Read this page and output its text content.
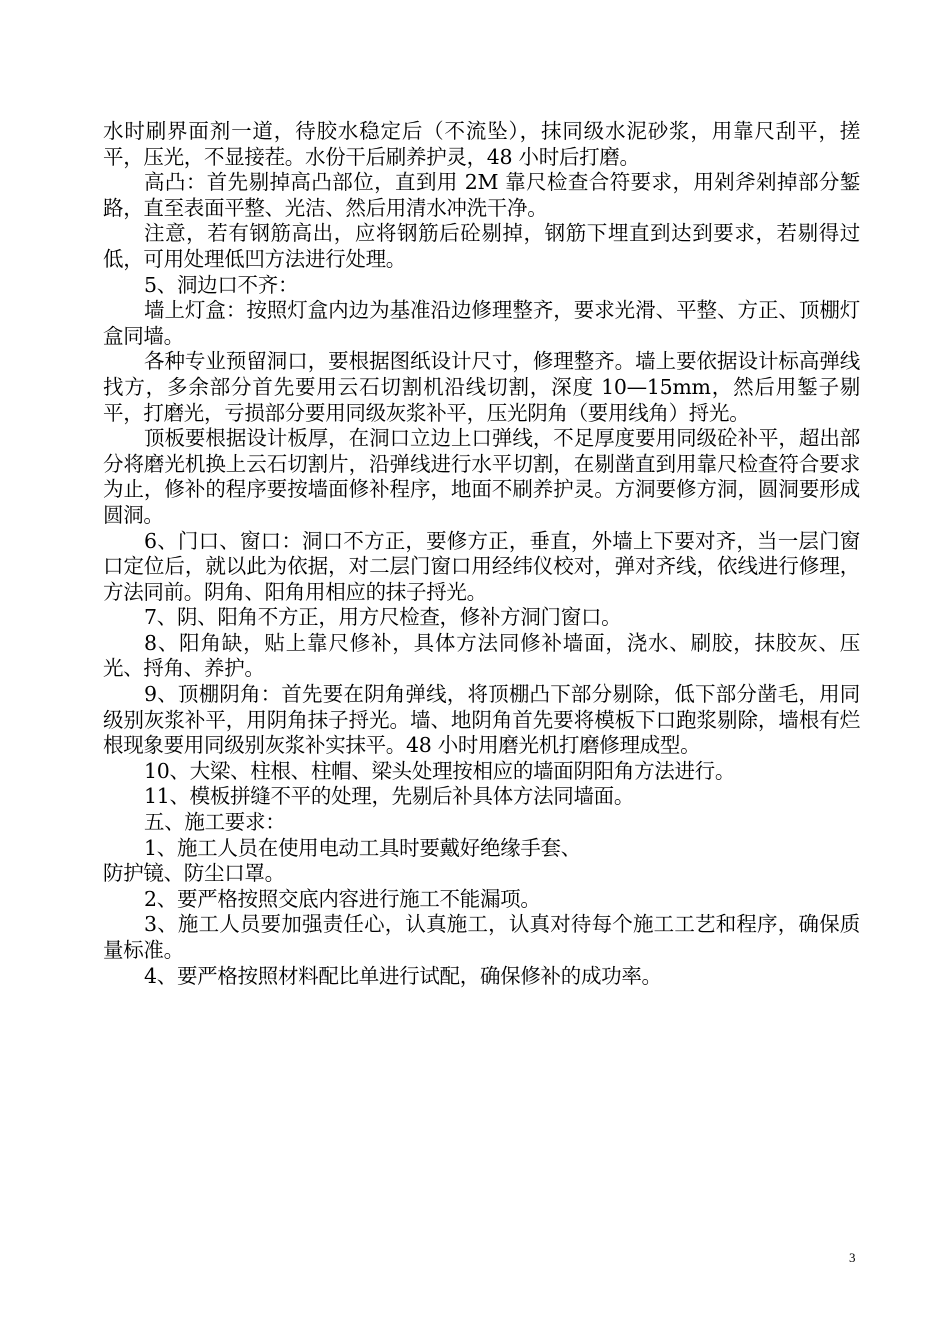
水时刷界面剂一道，待胶水稳定后（不流坠），抹同级水泥砂浆，用靠尺刮平，搓平，压光，不显接茬。水份干后刷养护灵，48 小时后打磨。

高凸：首先剔掉高凸部位，直到用 2M 靠尺检查合符要求，用剁斧剁掉部分錾路，直至表面平整、光洁、然后用清水冲洗干净。

注意，若有钢筋高出，应将钢筋后砼剔掉，钢筋下埋直到达到要求，若剔得过低，可用处理低凹方法进行处理。

5、洞边口不齐：

墙上灯盒：按照灯盒内边为基准沿边修理整齐，要求光滑、平整、方正、顶棚灯盒同墙。

各种专业预留洞口，要根据图纸设计尺寸，修理整齐。墙上要依据设计标高弹线找方，多余部分首先要用云石切割机沿线切割，深度 10—15mm，然后用錾子剔平，打磨光，亏损部分要用同级灰浆补平，压光阴角（要用线角）捋光。

顶板要根据设计板厚，在洞口立边上口弹线，不足厚度要用同级砼补平，超出部分将磨光机换上云石切割片，沿弹线进行水平切割，在剔凿直到用靠尺检查符合要求为止，修补的程序要按墙面修补程序，地面不刷养护灵。方洞要修方洞，圆洞要形成圆洞。

6、门口、窗口：洞口不方正，要修方正，垂直，外墙上下要对齐，当一层门窗口定位后，就以此为依据，对二层门窗口用经纬仪校对，弹对齐线，依线进行修理，方法同前。阴角、阳角用相应的抹子捋光。

7、阴、阳角不方正，用方尺检查，修补方洞门窗口。

8、阳角缺，贴上靠尺修补，具体方法同修补墙面，浇水、刷胶，抹胶灰、压光、捋角、养护。

9、顶棚阴角：首先要在阴角弹线，将顶棚凸下部分剔除，低下部分凿毛，用同级别灰浆补平，用阴角抹子捋光。墙、地阴角首先要将模板下口跑浆剔除，墙根有烂根现象要用同级别灰浆补实抹平。48 小时用磨光机打磨修理成型。

10、大梁、柱根、柱帽、梁头处理按相应的墙面阴阳角方法进行。

11、模板拼缝不平的处理，先剔后补具体方法同墙面。

五、施工要求：

1、施工人员在使用电动工具时要戴好绝缘手套、

防护镜、防尘口罩。

2、要严格按照交底内容进行施工不能漏项。

3、施工人员要加强责任心，认真施工，认真对待每个施工工艺和程序，确保质量标准。

4、要严格按照材料配比单进行试配，确保修补的成功率。

3
